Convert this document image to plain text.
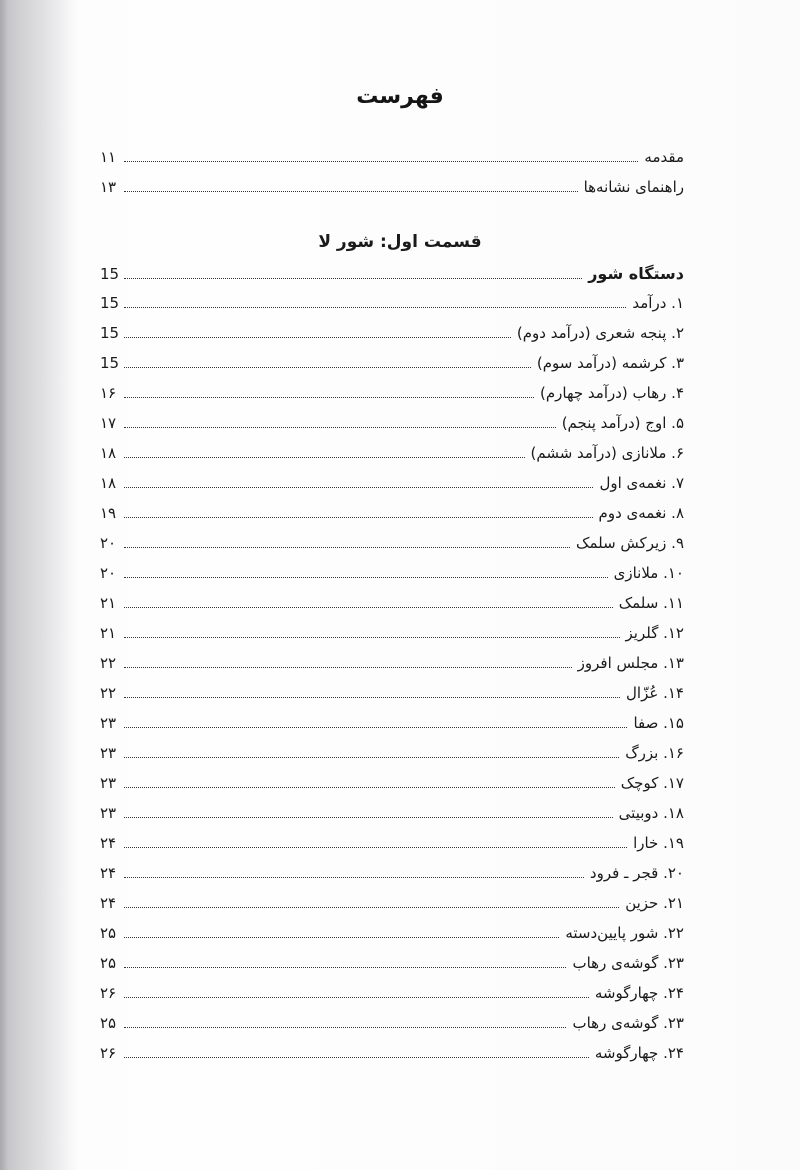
فهرست
مقدمه
۱۱
راهنمای نشانه‌ها
۱۳
قسمت اول: شور لا
دستگاه شور
15
۱. درآمد
15
۲. پنجه شعری (درآمد دوم)
15
۳. کرشمه (درآمد سوم)
15
۴. رهاب (درآمد چهارم)
۱۶
۵. اوج (درآمد پنجم)
۱۷
۶. ملانازی (درآمد ششم)
۱۸
۷. نغمه‌ی اول
۱۸
۸. نغمه‌ی دوم
۱۹
۹. زیرکش سلمک
۲۰
۱۰. ملانازی
۲۰
۱۱. سلمک
۲۱
۱۲. گلریز
۲۱
۱۳. مجلس افروز
۲۲
۱۴. عُزّال
۲۲
۱۵. صفا
۲۳
۱۶. بزرگ
۲۳
۱۷. کوچک
۲۳
۱۸. دوبیتی
۲۳
۱۹. خارا
۲۴
۲۰. قجر ـ فرود
۲۴
۲۱. حزین
۲۴
۲۲. شور پایین‌دسته
۲۵
۲۳. گوشه‌ی رهاب
۲۵
۲۴. چهارگوشه
۲۶
۲۳. گوشه‌ی رهاب
۲۵
۲۴. چهارگوشه
۲۶
